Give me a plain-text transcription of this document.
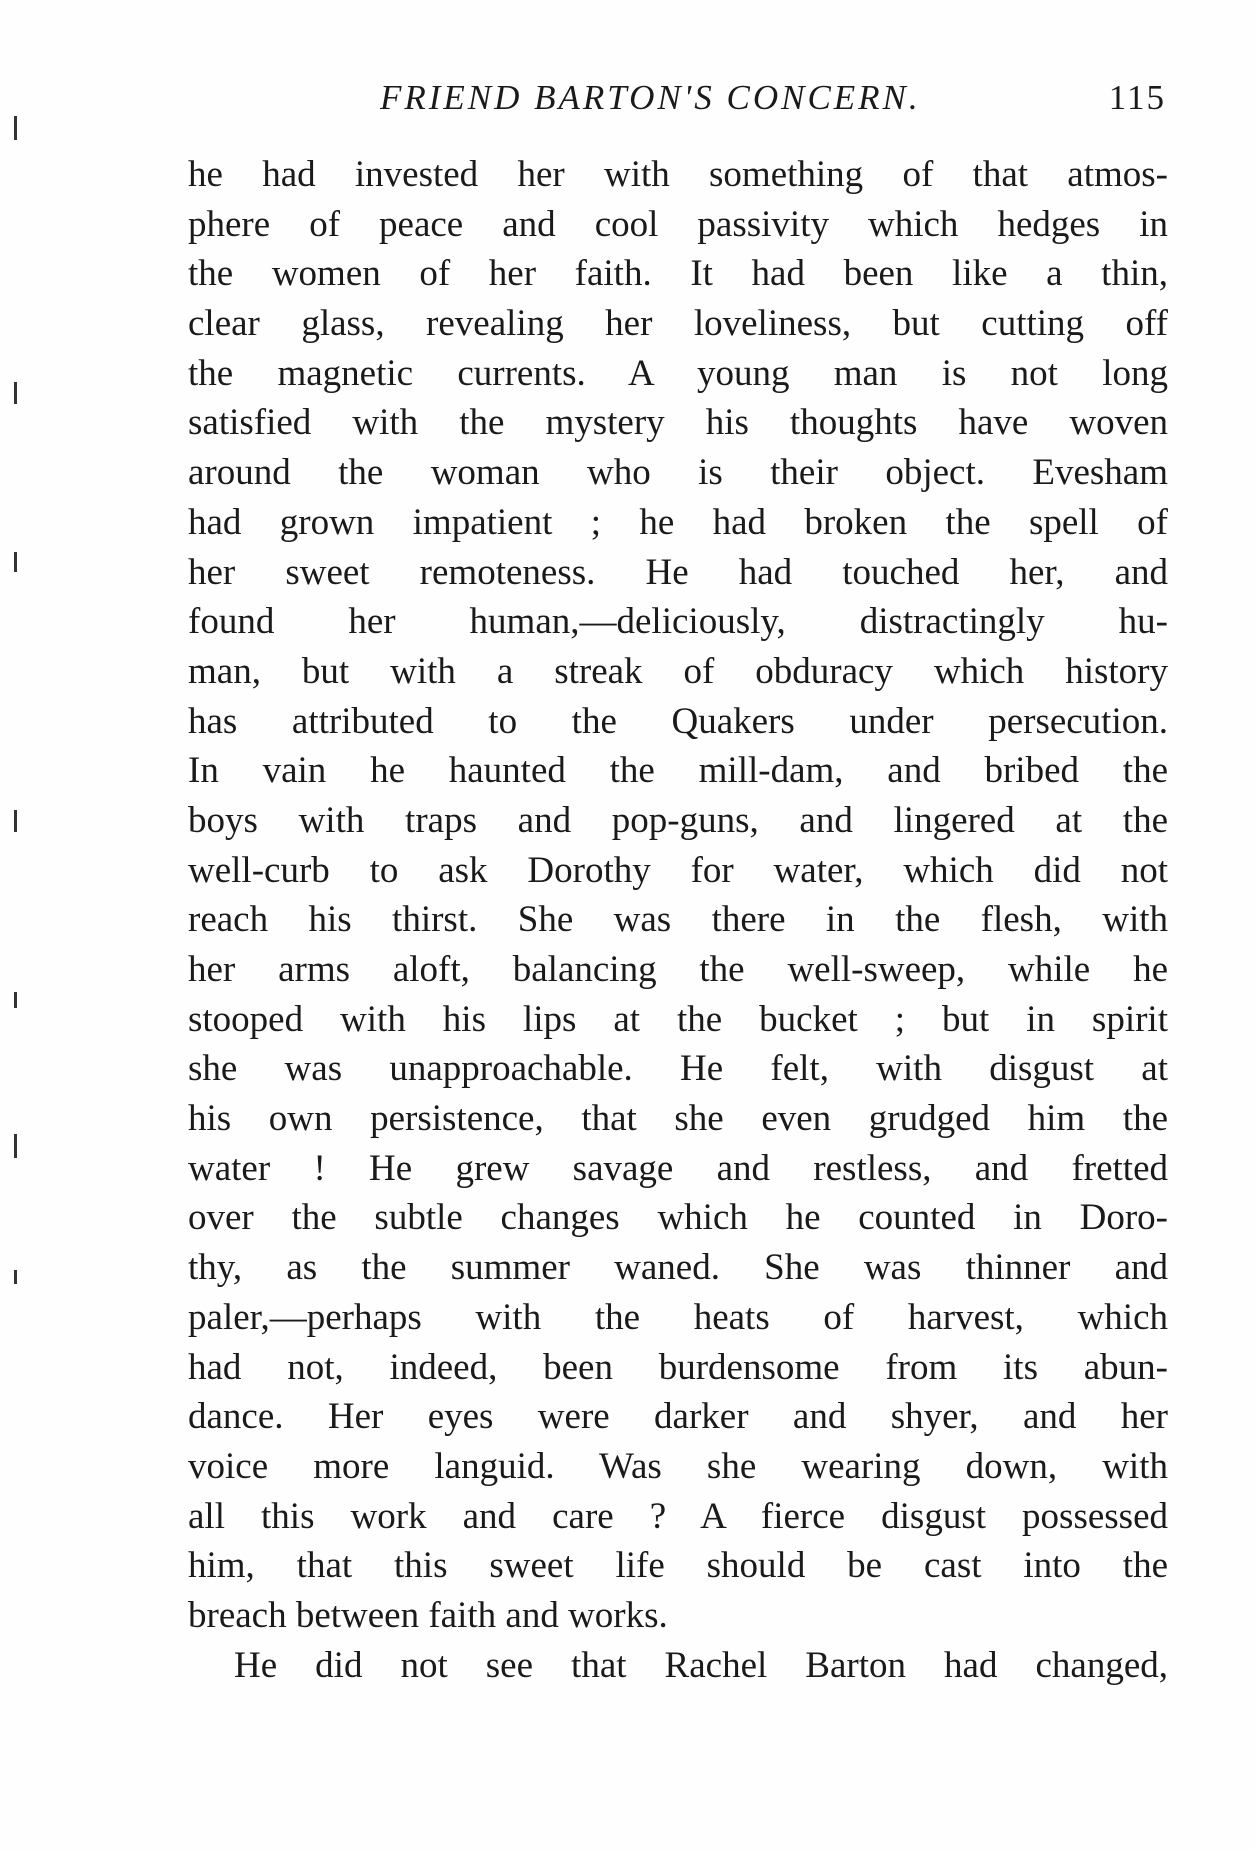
FRIEND BARTON'S CONCERN.	115
he had invested her with something of that atmos-
phere of peace and cool passivity which hedges in
the women of her faith. It had been like a thin,
clear glass, revealing her loveliness, but cutting off
the magnetic currents. A young man is not long
satisfied with the mystery his thoughts have woven
around the woman who is their object. Evesham
had grown impatient ; he had broken the spell of
her sweet remoteness. He had touched her, and
found her human,—deliciously, distractingly hu-
man, but with a streak of obduracy which history
has attributed to the Quakers under persecution.
In vain he haunted the mill-dam, and bribed the
boys with traps and pop-guns, and lingered at the
well-curb to ask Dorothy for water, which did not
reach his thirst. She was there in the flesh, with
her arms aloft, balancing the well-sweep, while he
stooped with his lips at the bucket ; but in spirit
she was unapproachable. He felt, with disgust at
his own persistence, that she even grudged him the
water ! He grew savage and restless, and fretted
over the subtle changes which he counted in Doro-
thy, as the summer waned. She was thinner and
paler,—perhaps with the heats of harvest, which
had not, indeed, been burdensome from its abun-
dance. Her eyes were darker and shyer, and her
voice more languid. Was she wearing down, with
all this work and care ? A fierce disgust possessed
him, that this sweet life should be cast into the
breach between faith and works.
He did not see that Rachel Barton had changed,
